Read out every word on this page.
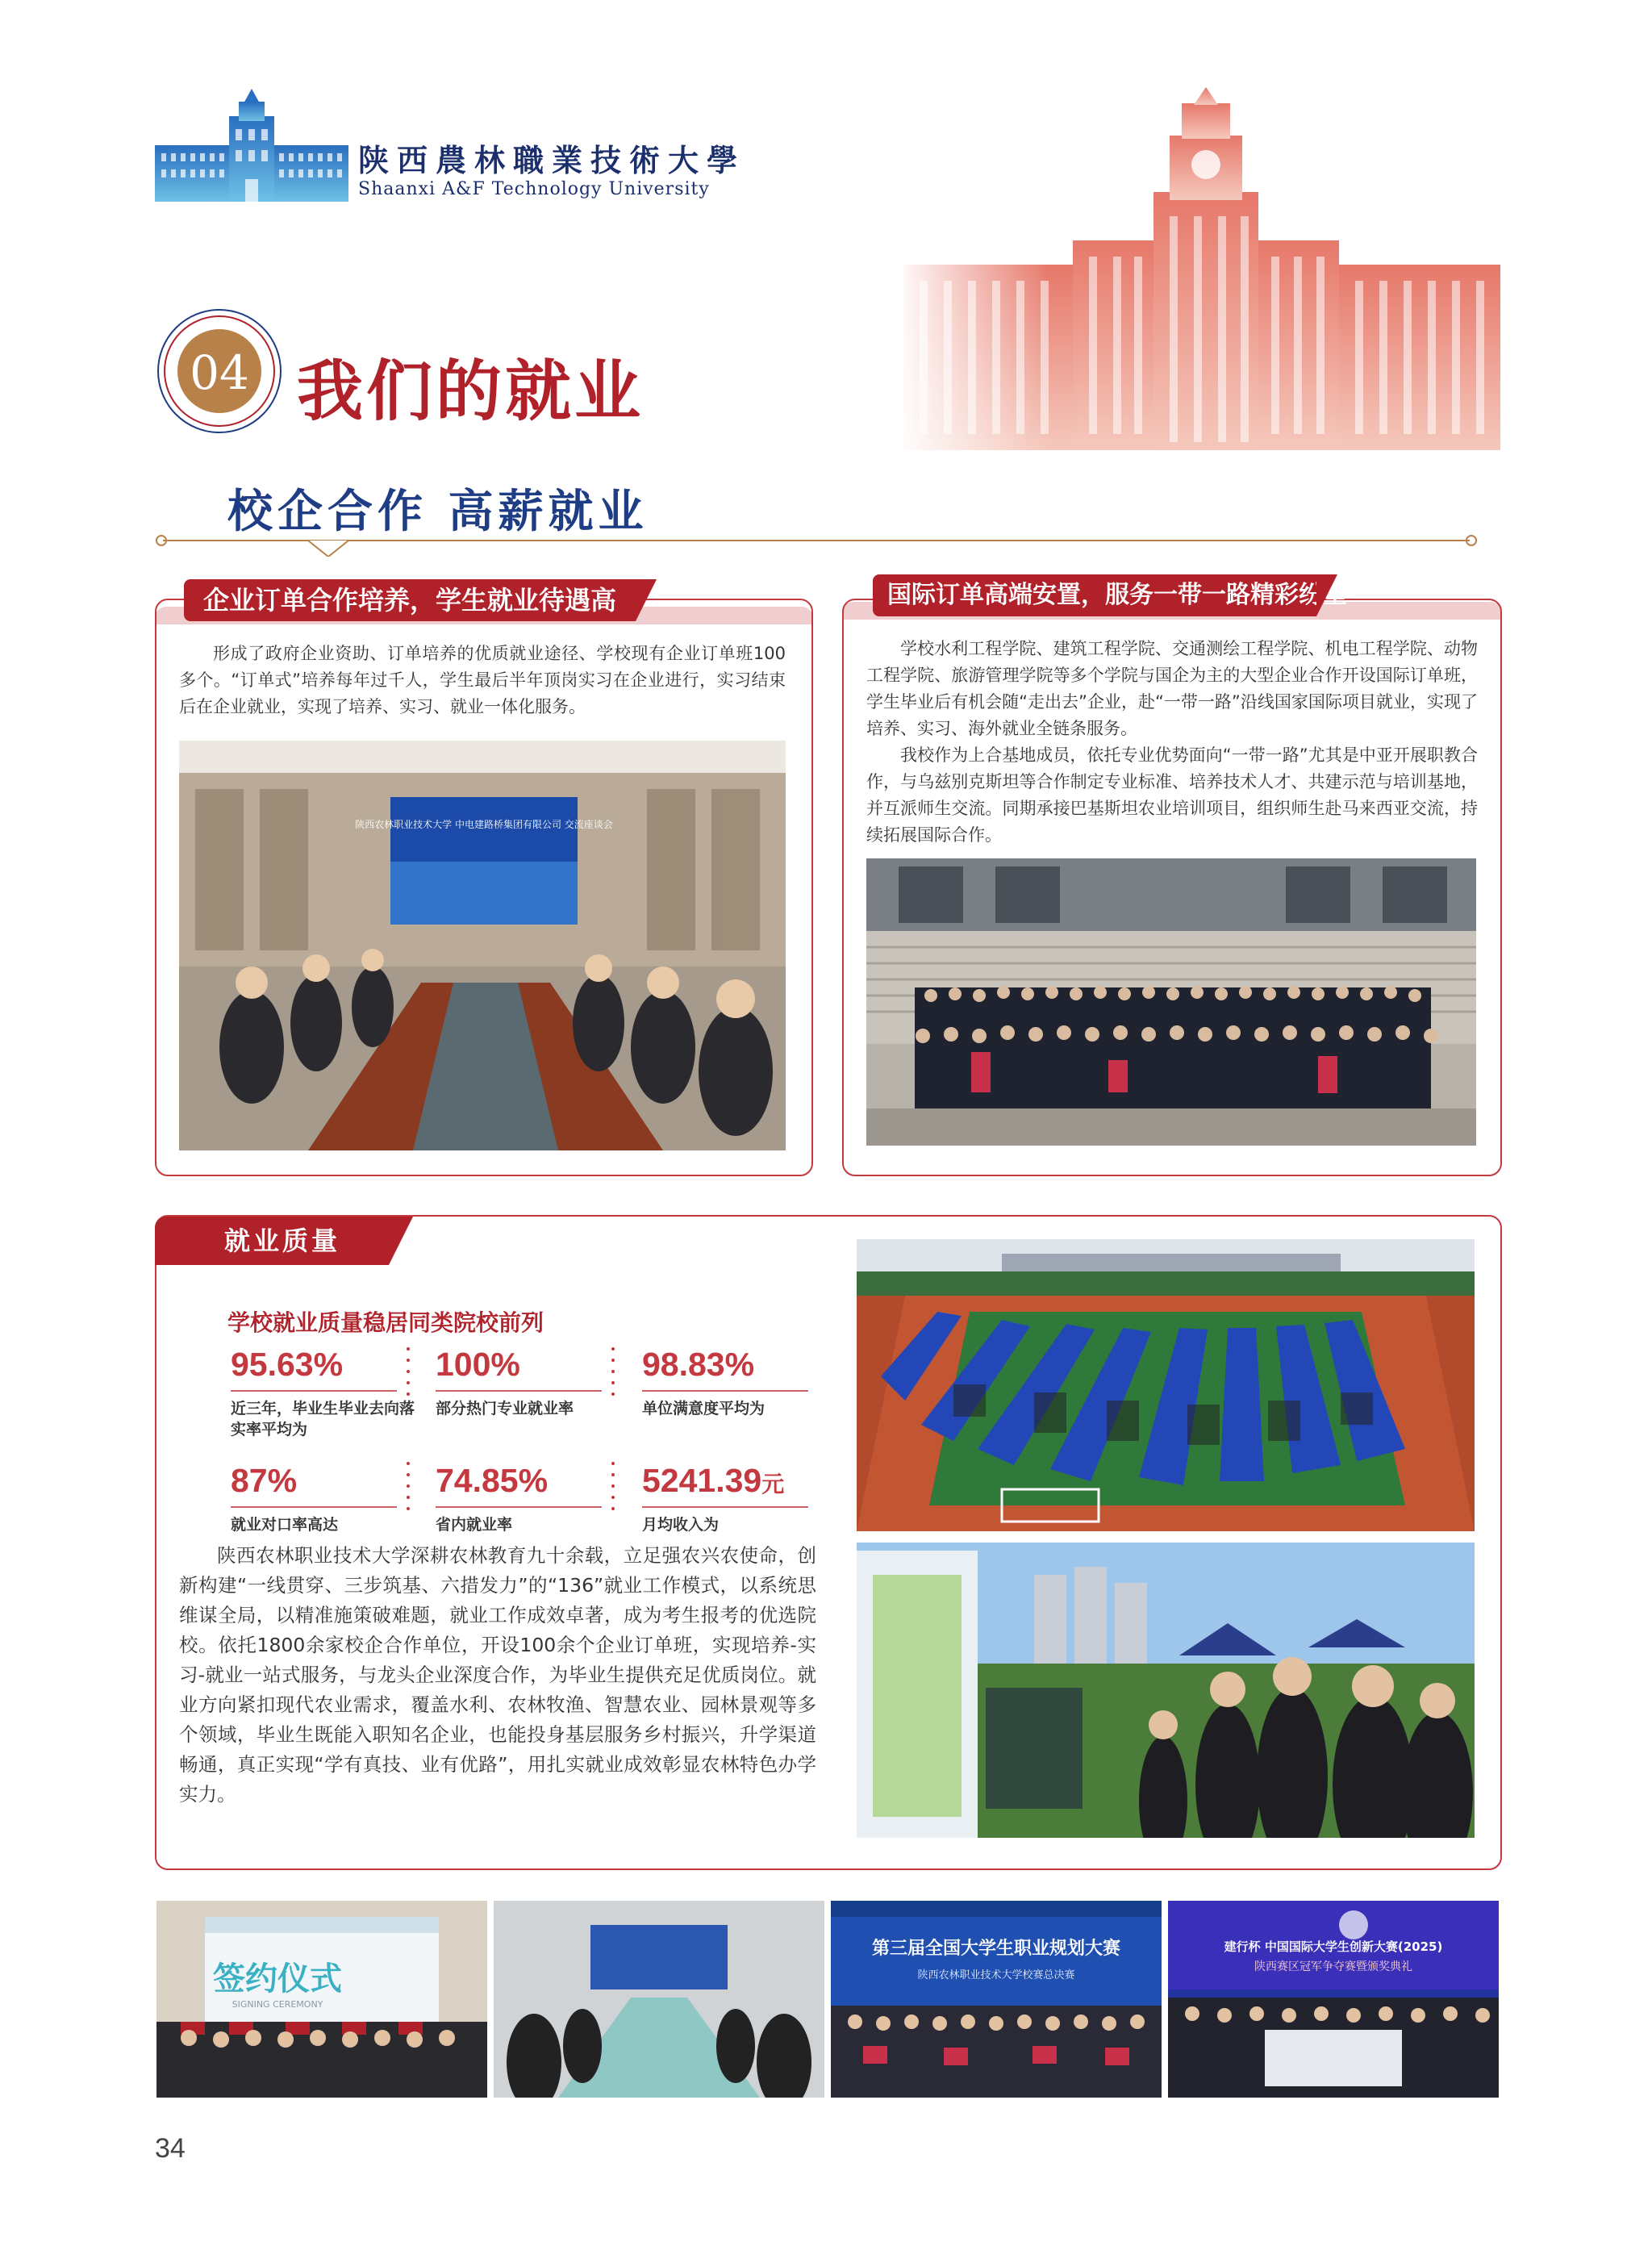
陕西農林職業技術大學
Shaanxi A&F Technology University
04 我们的就业
校企合作 高薪就业
企业订单合作培养，学生就业待遇高

形成了政府企业资助、订单培养的优质就业途径、学校现有企业订单班100多个。“订单式”培养每年过千人，学生最后半年顶岗实习在企业进行，实习结束后在企业就业，实现了培养、实习、就业一体化服务。

陕西农林职业技术大学 中电建路桥集团有限公司 交流座谈会
国际订单高端安置，服务一带一路精彩纷呈

学校水利工程学院、建筑工程学院、交通测绘工程学院、机电工程学院、动物工程学院、旅游管理学院等多个学院与国企为主的大型企业合作开设国际订单班，学生毕业后有机会随“走出去”企业，赴“一带一路”沿线国家国际项目就业，实现了培养、实习、海外就业全链条服务。

我校作为上合基地成员，依托专业优势面向“一带一路”尤其是中亚开展职教合作，与乌兹别克斯坦等合作制定专业标准、培养技术人才、共建示范与培训基地，并互派师生交流。同期承接巴基斯坦农业培训项目，组织师生赴马来西亚交流，持续拓展国际合作。

就业质量
学校就业质量稳居同类院校前列
95.63%
近三年，毕业生毕业去向落实率平均为
100%
部分热门专业就业率
98.83%
单位满意度平均为
87%
就业对口率高达
74.85%
省内就业率
5241.39元
月均收入为

陕西农林职业技术大学深耕农林教育九十余载，立足强农兴农使命，创新构建“一线贯穿、三步筑基、六措发力”的“136”就业工作模式，以系统思维谋全局，以精准施策破难题，就业工作成效卓著，成为考生报考的优选院校。依托1800余家校企合作单位，开设100余个企业订单班，实现培养-实习-就业一站式服务，与龙头企业深度合作，为毕业生提供充足优质岗位。就业方向紧扣现代农业需求，覆盖水利、农林牧渔、智慧农业、园林景观等多个领域，毕业生既能入职知名企业，也能投身基层服务乡村振兴，升学渠道畅通，真正实现“学有真技、业有优路”，用扎实就业成效彰显农林特色办学实力。

签约仪式
SIGNING CEREMONY
第三届全国大学生职业规划大赛
陕西农林职业技术大学校赛总决赛
建行杯 中国国际大学生创新大赛(2025)
陕西赛区冠军争夺赛暨颁奖典礼
34
